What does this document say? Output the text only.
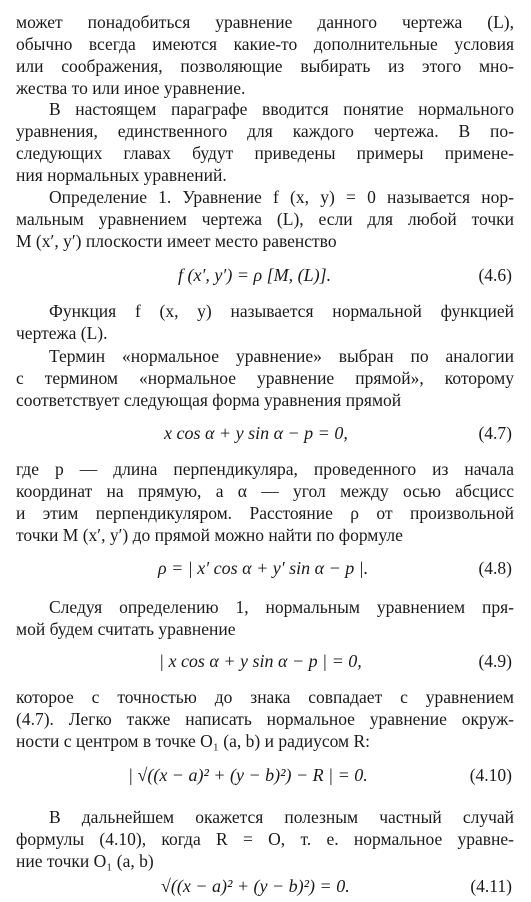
может понадобиться уравнение данного чертежа (L),

обычно всегда имеются какие-то дополнительные условия

или соображения, позволяющие выбирать из этого мно-

жества то или иное уравнение.

В настоящем параграфе вводится понятие нормального

уравнения, единственного для каждого чертежа. В по-

следующих главах будут приведены примеры примене-

ния нормальных уравнений.

Определение 1. Уравнение f (x, y) = 0 называется нор-

мальным уравнением чертежа (L), если для любой точки

M (x′, y′) плоскости имеет место равенство

f (x′, y′) = ρ [M, (L)].	(4.6)

Функция f (x, y) называется нормальной функцией

чертежа (L).

Термин «нормальное уравнение» выбран по аналогии

с термином «нормальное уравнение прямой», которому

соответствует следующая форма уравнения прямой

x cos α + y sin α − p = 0,	(4.7)

где p — длина перпендикуляра, проведенного из начала

координат на прямую, a α — угол между осью абсцисс

и этим перпендикуляром. Расстояние ρ от произвольной

точки M (x′, y′) до прямой можно найти по формуле

ρ = | x′ cos α + y′ sin α − p |.	(4.8)

Следуя определению 1, нормальным уравнением пря-

мой будем считать уравнение

| x cos α + y sin α − p | = 0,	(4.9)

которое с точностью до знака совпадает с уравнением

(4.7). Легко также написать нормальное уравнение окруж-

ности с центром в точке O₁ (a, b) и радиусом R:

| √((x − a)² + (y − b)²) − R | = 0.	(4.10)

В дальнейшем окажется полезным частный случай

формулы (4.10), когда R = O, т. е. нормальное уравне-

ние точки O₁ (a, b)

√((x − a)² + (y − b)²) = 0.	(4.11)
